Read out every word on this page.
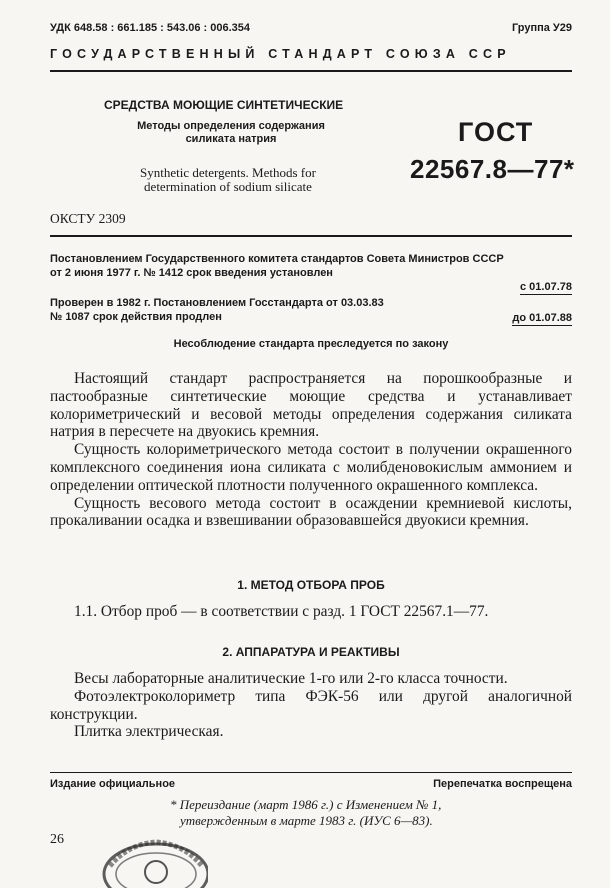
УДК 648.58 : 661.185 : 543.06 : 006.354	Группа У29
ГОСУДАРСТВЕННЫЙ СТАНДАРТ СОЮЗА ССР
СРЕДСТВА МОЮЩИЕ СИНТЕТИЧЕСКИЕ
Методы определения содержания
силиката натрия
Synthetic detergents. Methods for
determination of sodium silicate
ГОСТ
22567.8—77*
ОКСТУ 2309
Постановлением Государственного комитета стандартов Совета Министров СССР
от 2 июня 1977 г. № 1412 срок введения установлен
с 01.07.78
Проверен в 1982 г. Постановлением Госстандарта от 03.03.83
№ 1087 срок действия продлен	до 01.07.88
Несоблюдение стандарта преследуется по закону

Настоящий стандарт распространяется на порошкообразные и пастообразные синтетические моющие средства и устанавливает колориметрический и весовой методы определения содержания силиката натрия в пересчете на двуокись кремния.

Сущность колориметрического метода состоит в получении окрашенного комплексного соединения иона силиката с молибденовокислым аммонием и определении оптической плотности полученного окрашенного комплекса.

Сущность весового метода состоит в осаждении кремниевой кислоты, прокаливании осадка и взвешивании образовавшейся двуокиси кремния.

1. МЕТОД ОТБОРА ПРОБ

1.1. Отбор проб — в соответствии с разд. 1 ГОСТ 22567.1—77.

2. АППАРАТУРА И РЕАКТИВЫ

Весы лабораторные аналитические 1-го или 2-го класса точности.

Фотоэлектроколориметр типа ФЭК-56 или другой аналогичной конструкции.

Плитка электрическая.

Издание официальное	Перепечатка воспрещена
* Переиздание (март 1986 г.) с Изменением № 1,
утвержденным в марте 1983 г. (ИУС 6—83).
26
